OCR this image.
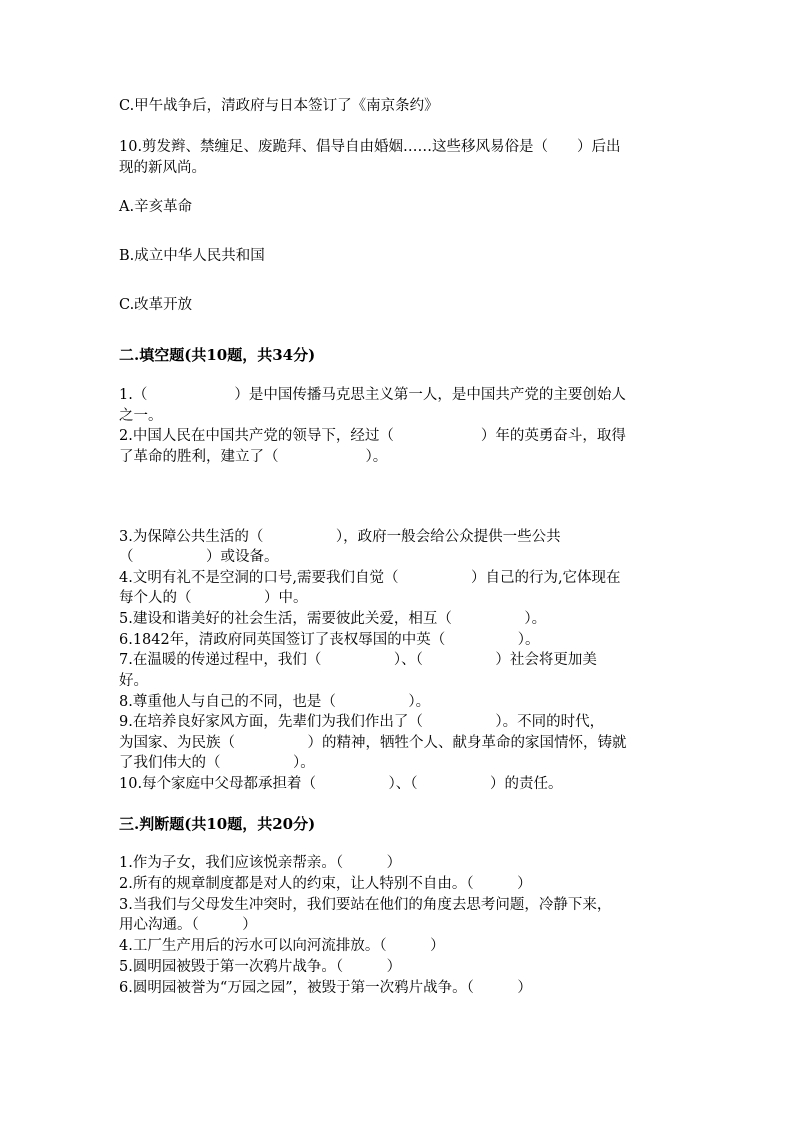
C.甲午战争后，清政府与日本签订了《南京条约》
10.剪发辫、禁缠足、废跪拜、倡导自由婚姻……这些移风易俗是（　　）后出
现的新风尚。
A.辛亥革命
B.成立中华人民共和国
C.改革开放
二.填空题(共10题，共34分)
1.（　　　　　　）是中国传播马克思主义第一人，是中国共产党的主要创始人
之一。
2.中国人民在中国共产党的领导下，经过（　　　　　　）年的英勇奋斗，取得
了革命的胜利，建立了（　　　　　　）。
3.为保障公共生活的（　　　　　），政府一般会给公众提供一些公共
（　　　　　）或设备。
4.文明有礼不是空洞的口号,需要我们自觉（　　　　　）自己的行为,它体现在
每个人的（　　　　　）中。
5.建设和谐美好的社会生活，需要彼此关爱，相互（　　　　　）。
6.1842年，清政府同英国签订了丧权辱国的中英（　　　　　）。
7.在温暖的传递过程中，我们（　　　　　）、（　　　　　）社会将更加美
好。
8.尊重他人与自己的不同，也是（　　　　　）。
9.在培养良好家风方面，先辈们为我们作出了（　　　　　）。不同的时代，
为国家、为民族（　　　　　）的精神，牺牲个人、献身革命的家国情怀，铸就
了我们伟大的（　　　　　）。
10.每个家庭中父母都承担着（　　　　　）、（　　　　　）的责任。
三.判断题(共10题，共20分)
1.作为子女，我们应该悦亲帮亲。（　　　）
2.所有的规章制度都是对人的约束，让人特别不自由。（　　　）
3.当我们与父母发生冲突时，我们要站在他们的角度去思考问题，冷静下来，
用心沟通。（　　　）
4.工厂生产用后的污水可以向河流排放。（　　　）
5.圆明园被毁于第一次鸦片战争。（　　　）
6.圆明园被誉为“万园之园”，被毁于第一次鸦片战争。（　　　）
